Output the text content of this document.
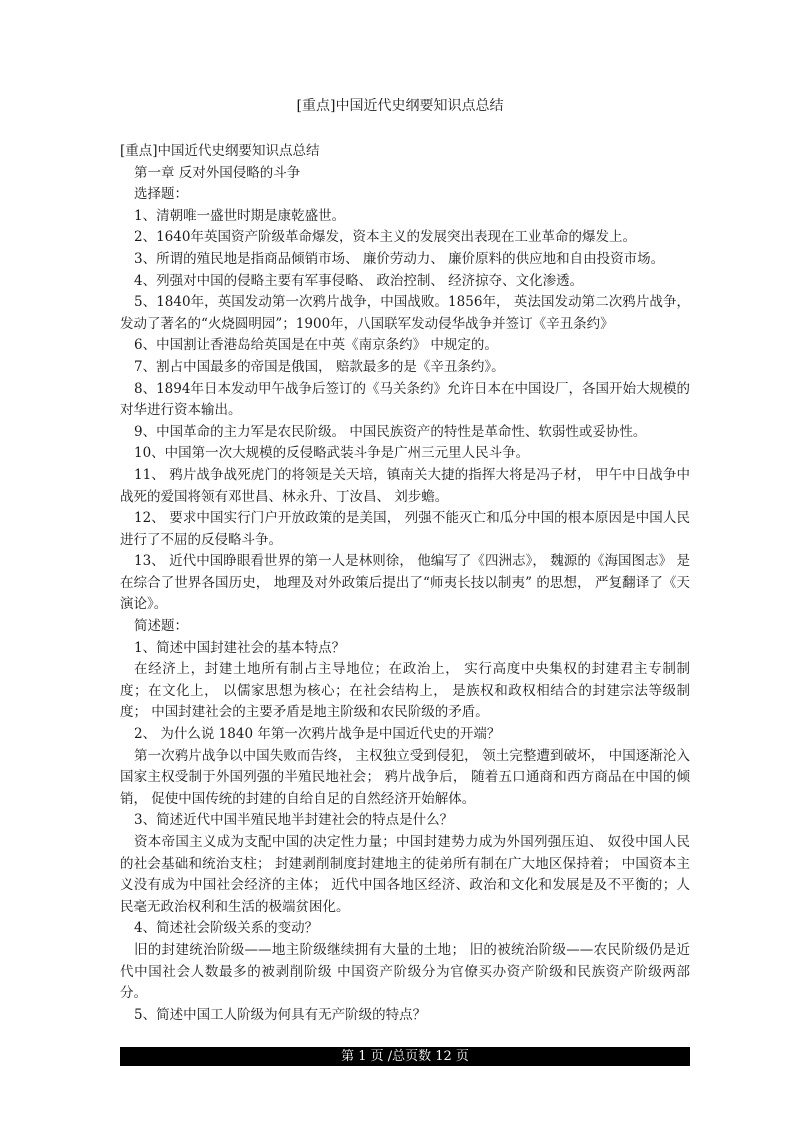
[重点]中国近代史纲要知识点总结

[重点]中国近代史纲要知识点总结

第一章 反对外国侵略的斗争

选择题：

1、清朝唯一盛世时期是康乾盛世。

2、1640年英国资产阶级革命爆发，资本主义的发展突出表现在工业革命的爆发上。

3、所谓的殖民地是指商品倾销市场、 廉价劳动力、 廉价原料的供应地和自由投资市场。

4、列强对中国的侵略主要有军事侵略、 政治控制、 经济掠夺、文化渗透。

5、1840年，英国发动第一次鸦片战争，中国战败。1856年， 英法国发动第二次鸦片战争，发动了著名的“火烧圆明园”；1900年，八国联军发动侵华战争并签订《辛丑条约》

6、中国割让香港岛给英国是在中英《南京条约》 中规定的。

7、割占中国最多的帝国是俄国， 赔款最多的是《辛丑条约》。

8、1894年日本发动甲午战争后签订的《马关条约》允许日本在中国设厂，各国开始大规模的对华进行资本输出。

9、中国革命的主力军是农民阶级。 中国民族资产的特性是革命性、软弱性或妥协性。

10、中国第一次大规模的反侵略武装斗争是广州三元里人民斗争。

11、 鸦片战争战死虎门的将领是关天培，镇南关大捷的指挥大将是冯子材， 甲午中日战争中战死的爱国将领有邓世昌、林永升、丁汝昌、 刘步蟾。

12、 要求中国实行门户开放政策的是美国， 列强不能灭亡和瓜分中国的根本原因是中国人民进行了不屈的反侵略斗争。

13、 近代中国睁眼看世界的第一人是林则徐， 他编写了《四洲志》， 魏源的《海国图志》 是在综合了世界各国历史， 地理及对外政策后提出了“师夷长技以制夷” 的思想， 严复翻译了《天演论》。

简述题：

1、简述中国封建社会的基本特点？

在经济上，封建土地所有制占主导地位；在政治上， 实行高度中央集权的封建君主专制制度；在文化上， 以儒家思想为核心；在社会结构上， 是族权和政权相结合的封建宗法等级制度； 中国封建社会的主要矛盾是地主阶级和农民阶级的矛盾。

2、 为什么说 1840 年第一次鸦片战争是中国近代史的开端？

第一次鸦片战争以中国失败而告终， 主权独立受到侵犯， 领土完整遭到破坏， 中国逐渐沦入国家主权受制于外国列强的半殖民地社会； 鸦片战争后， 随着五口通商和西方商品在中国的倾销， 促使中国传统的封建的自给自足的自然经济开始解体。

3、简述近代中国半殖民地半封建社会的特点是什么？

资本帝国主义成为支配中国的决定性力量；中国封建势力成为外国列强压迫、 奴役中国人民的社会基础和统治支柱； 封建剥削制度封建地主的徒弟所有制在广大地区保持着； 中国资本主义没有成为中国社会经济的主体； 近代中国各地区经济、政治和文化和发展是及不平衡的；人民毫无政治权利和生活的极端贫困化。

4、简述社会阶级关系的变动？

旧的封建统治阶级——地主阶级继续拥有大量的土地； 旧的被统治阶级——农民阶级仍是近代中国社会人数最多的被剥削阶级 中国资产阶级分为官僚买办资产阶级和民族资产阶级两部分。

5、简述中国工人阶级为何具有无产阶级的特点？

第 1 页 /总页数 12 页
